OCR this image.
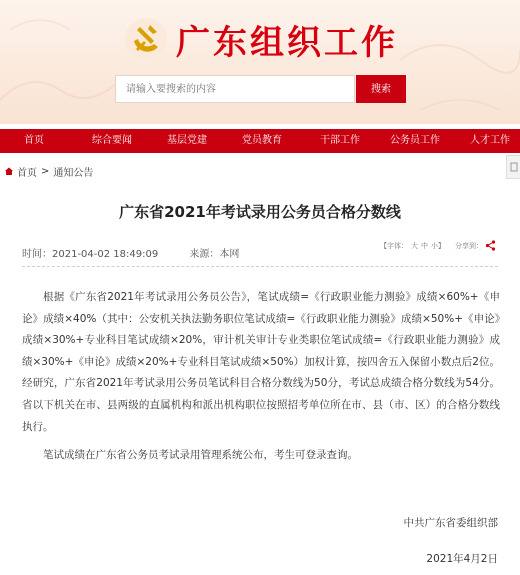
广东组织工作
请输入要搜索的内容
搜索
首页	综合要闻	基层党建	党员教育	干部工作	公务员工作	人才工作
首页 > 通知公告
广东省2021年考试录用公务员合格分数线
时间：2021-04-02 18:49:09	来源：本网
【字体： 大 中 小 】 分享到：

根据《广东省2021年考试录用公务员公告》，笔试成绩=《行政职业能力测验》成绩×60%+《申论》成绩×40%（其中：公安机关执法勤务职位笔试成绩=《行政职业能力测验》成绩×50%+《申论》成绩×30%+专业科目笔试成绩×20%，审计机关审计专业类职位笔试成绩=《行政职业能力测验》成绩×30%+《申论》成绩×20%+专业科目笔试成绩×50%）加权计算，按四舍五入保留小数点后2位。经研究，广东省2021年考试录用公务员笔试科目合格分数线为50分，考试总成绩合格分数线为54分。省以下机关在市、县两级的直属机构和派出机构职位按照招考单位所在市、县（市、区）的合格分数线执行。

笔试成绩在广东省公务员考试录用管理系统公布，考生可登录查询。

中共广东省委组织部
2021年4月2日
